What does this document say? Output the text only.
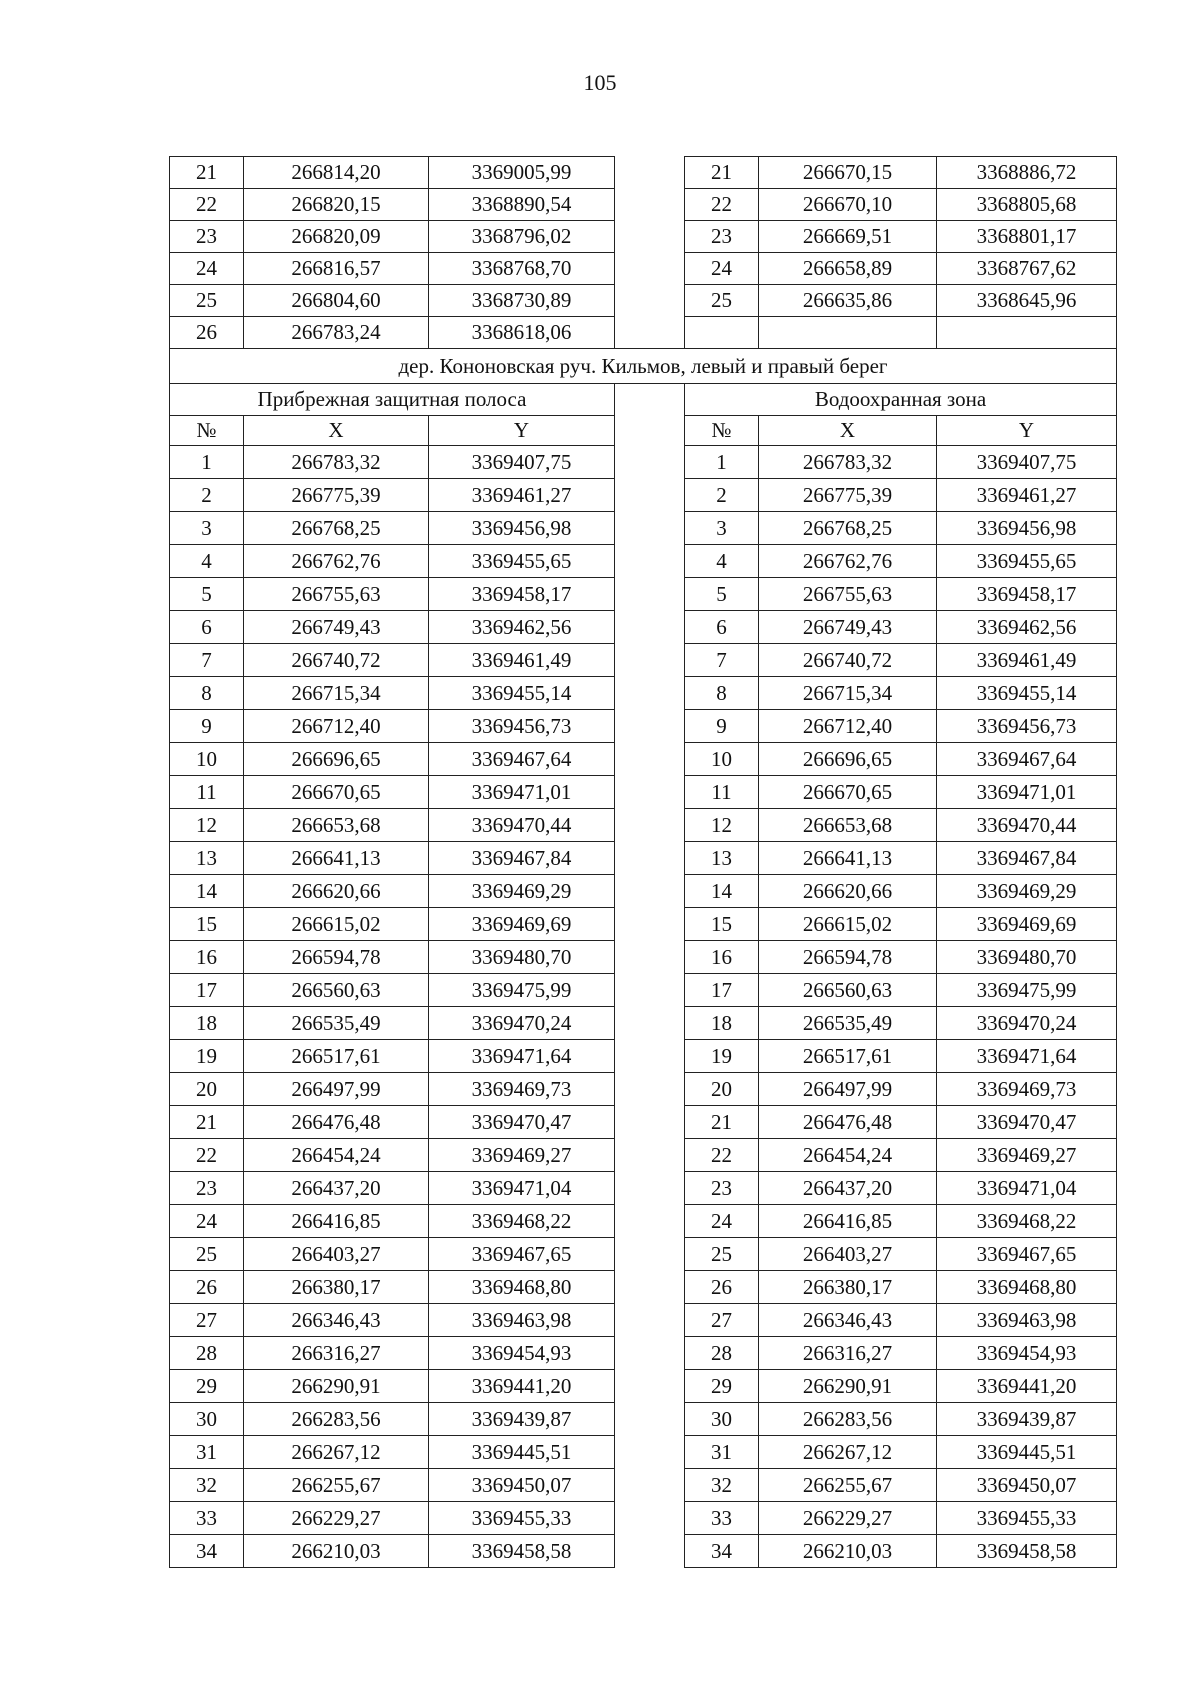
105
21	266814,20	3369005,99		21	266670,15	3368886,72
22	266820,15	3368890,54		22	266670,10	3368805,68
23	266820,09	3368796,02		23	266669,51	3368801,17
24	266816,57	3368768,70		24	266658,89	3368767,62
25	266804,60	3368730,89		25	266635,86	3368645,96
26	266783,24	3368618,06				
дер. Кононовская руч. Кильмов, левый и правый берег						
Прибрежная защитная полоса				Водоохранная зона		
№	X	Y		№	X	Y
1	266783,32	3369407,75		1	266783,32	3369407,75
2	266775,39	3369461,27		2	266775,39	3369461,27
3	266768,25	3369456,98		3	266768,25	3369456,98
4	266762,76	3369455,65		4	266762,76	3369455,65
5	266755,63	3369458,17		5	266755,63	3369458,17
6	266749,43	3369462,56		6	266749,43	3369462,56
7	266740,72	3369461,49		7	266740,72	3369461,49
8	266715,34	3369455,14		8	266715,34	3369455,14
9	266712,40	3369456,73		9	266712,40	3369456,73
10	266696,65	3369467,64		10	266696,65	3369467,64
11	266670,65	3369471,01		11	266670,65	3369471,01
12	266653,68	3369470,44		12	266653,68	3369470,44
13	266641,13	3369467,84		13	266641,13	3369467,84
14	266620,66	3369469,29		14	266620,66	3369469,29
15	266615,02	3369469,69		15	266615,02	3369469,69
16	266594,78	3369480,70		16	266594,78	3369480,70
17	266560,63	3369475,99		17	266560,63	3369475,99
18	266535,49	3369470,24		18	266535,49	3369470,24
19	266517,61	3369471,64		19	266517,61	3369471,64
20	266497,99	3369469,73		20	266497,99	3369469,73
21	266476,48	3369470,47		21	266476,48	3369470,47
22	266454,24	3369469,27		22	266454,24	3369469,27
23	266437,20	3369471,04		23	266437,20	3369471,04
24	266416,85	3369468,22		24	266416,85	3369468,22
25	266403,27	3369467,65		25	266403,27	3369467,65
26	266380,17	3369468,80		26	266380,17	3369468,80
27	266346,43	3369463,98		27	266346,43	3369463,98
28	266316,27	3369454,93		28	266316,27	3369454,93
29	266290,91	3369441,20		29	266290,91	3369441,20
30	266283,56	3369439,87		30	266283,56	3369439,87
31	266267,12	3369445,51		31	266267,12	3369445,51
32	266255,67	3369450,07		32	266255,67	3369450,07
33	266229,27	3369455,33		33	266229,27	3369455,33
34	266210,03	3369458,58		34	266210,03	3369458,58
